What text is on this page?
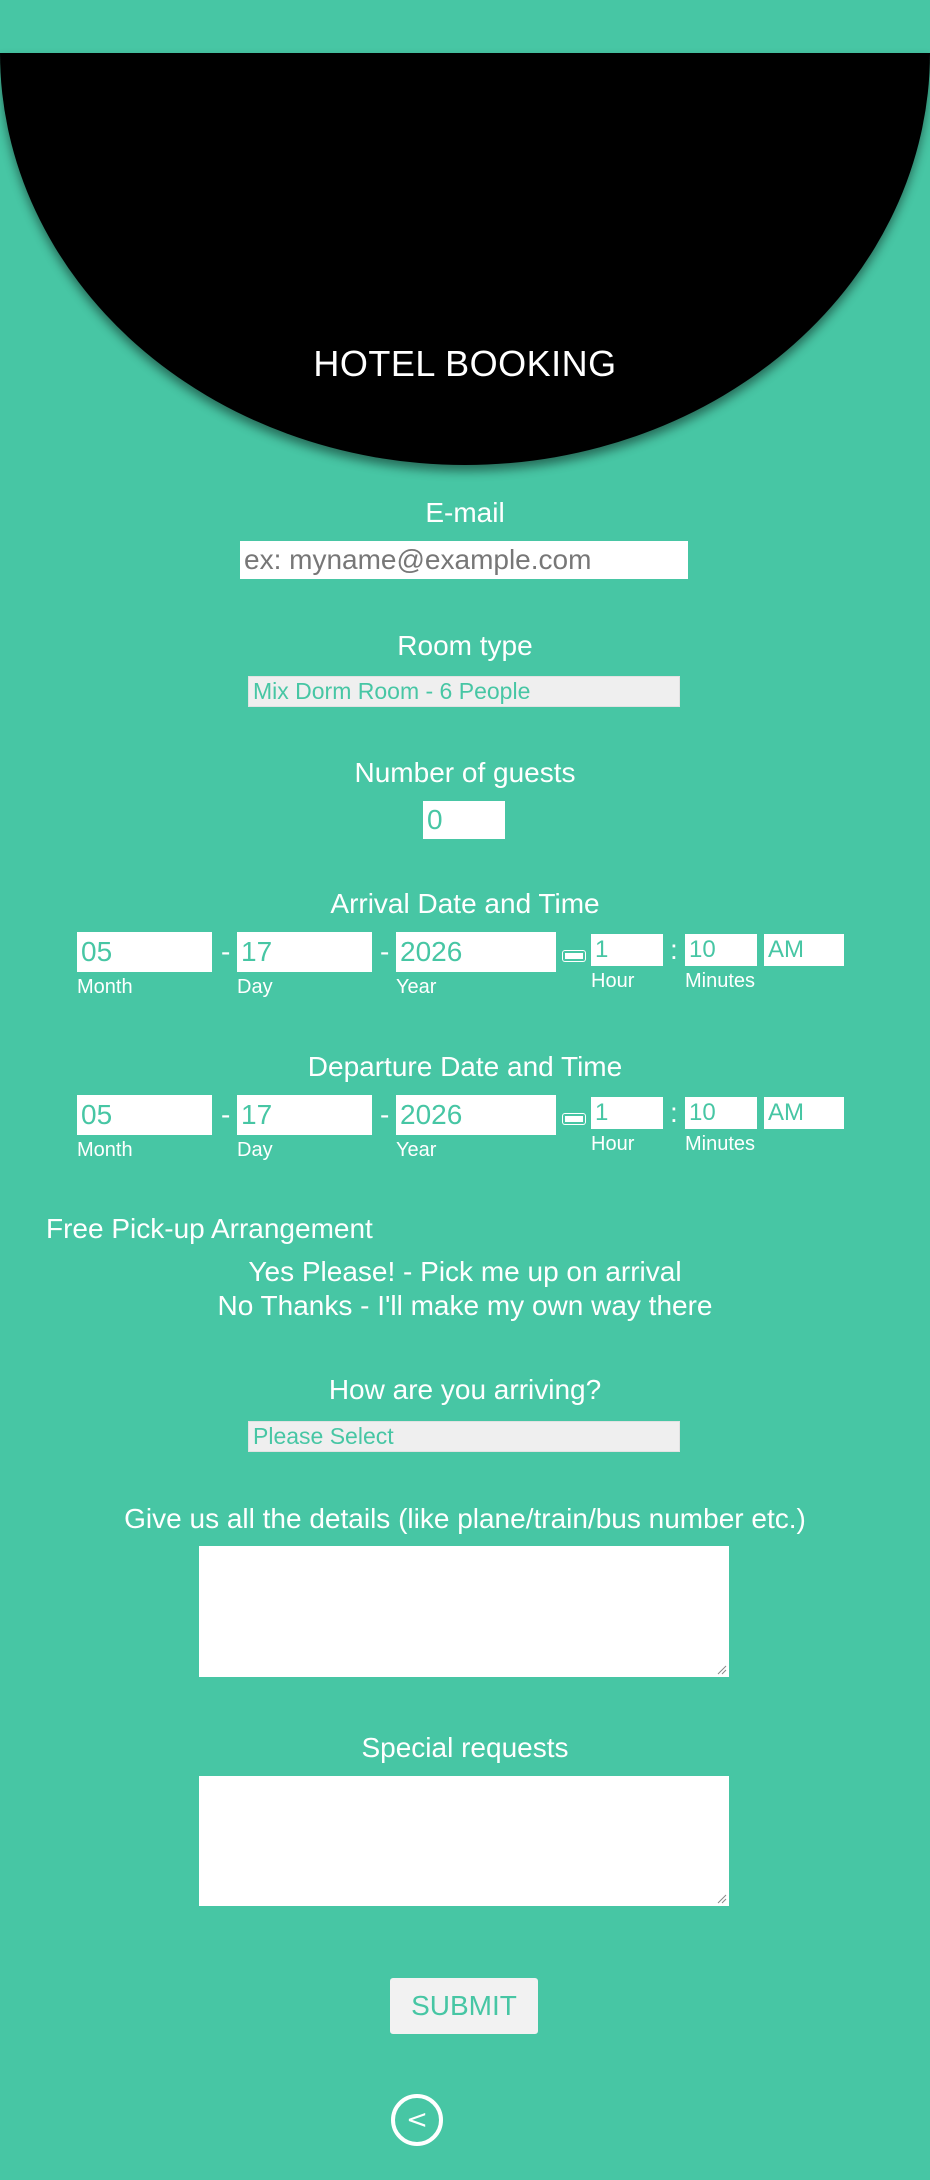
HOTEL BOOKING
E-mail
ex: myname@example.com
Room type
Mix Dorm Room - 6 People
Number of guests
0
Arrival Date and Time
05	- 17	- 2026	1	: 10	AM
Month	Day	Year	Hour	Minutes
Departure Date and Time
05	- 17	- 2026	1	: 10	AM
Month	Day	Year	Hour	Minutes
Free Pick-up Arrangement
Yes Please! - Pick me up on arrival
No Thanks - I'll make my own way there
How are you arriving?
Please Select
Give us all the details (like plane/train/bus number etc.)
Special requests
SUBMIT
<
